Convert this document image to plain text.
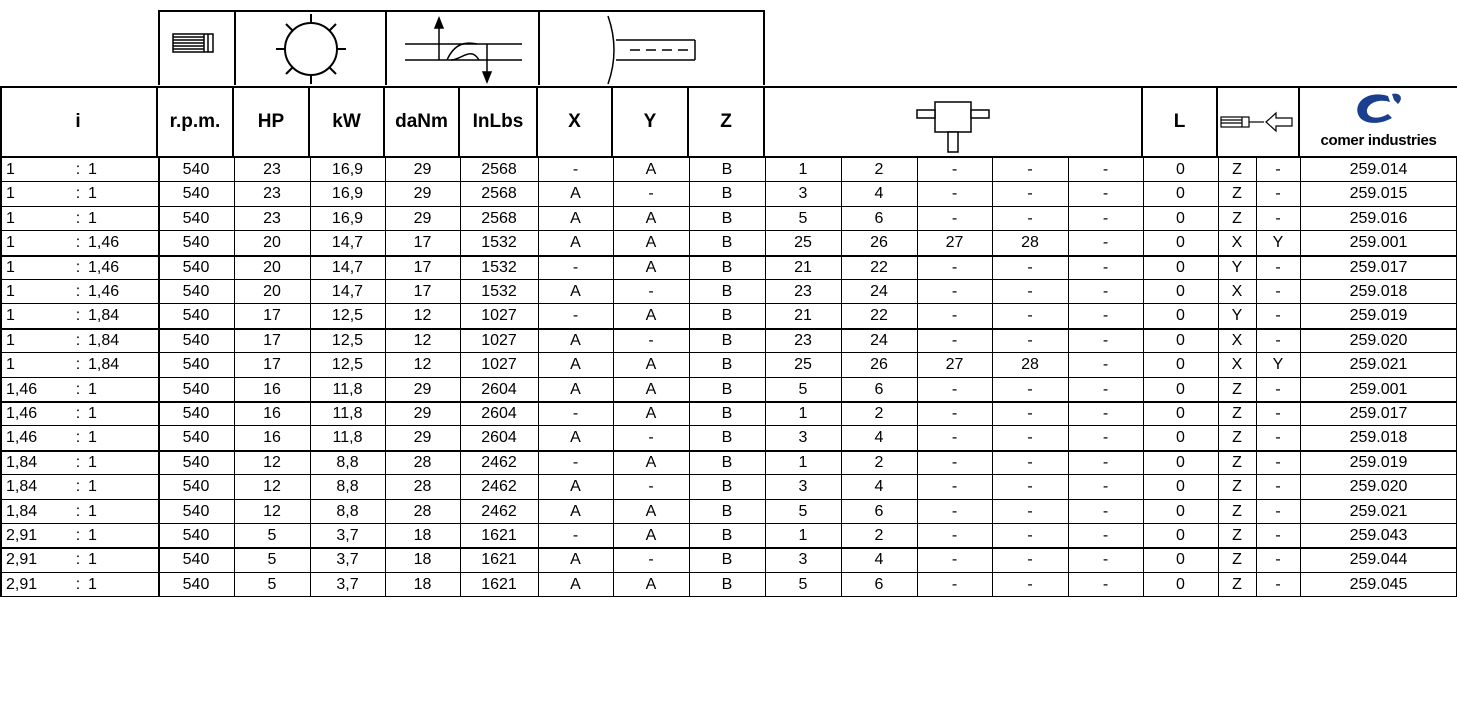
i	r.p.m.	HP	kW	daNm	InLbs	X	Y	Z	L
comer industries
1	: 1	540	23	16,9	29	2568	-	A	B	1	2	-	-	-	0	Z	-	259.014
1	: 1	540	23	16,9	29	2568	A	-	B	3	4	-	-	-	0	Z	-	259.015
1	: 1	540	23	16,9	29	2568	A	A	B	5	6	-	-	-	0	Z	-	259.016
1	: 1,46	540	20	14,7	17	1532	A	A	B	25	26	27	28	-	0	X	Y	259.001
1	: 1,46	540	20	14,7	17	1532	-	A	B	21	22	-	-	-	0	Y	-	259.017
1	: 1,46	540	20	14,7	17	1532	A	-	B	23	24	-	-	-	0	X	-	259.018
1	: 1,84	540	17	12,5	12	1027	-	A	B	21	22	-	-	-	0	Y	-	259.019
1	: 1,84	540	17	12,5	12	1027	A	-	B	23	24	-	-	-	0	X	-	259.020
1	: 1,84	540	17	12,5	12	1027	A	A	B	25	26	27	28	-	0	X	Y	259.021
1,46	: 1	540	16	11,8	29	2604	A	A	B	5	6	-	-	-	0	Z	-	259.001
1,46	: 1	540	16	11,8	29	2604	-	A	B	1	2	-	-	-	0	Z	-	259.017
1,46	: 1	540	16	11,8	29	2604	A	-	B	3	4	-	-	-	0	Z	-	259.018
1,84	: 1	540	12	8,8	28	2462	-	A	B	1	2	-	-	-	0	Z	-	259.019
1,84	: 1	540	12	8,8	28	2462	A	-	B	3	4	-	-	-	0	Z	-	259.020
1,84	: 1	540	12	8,8	28	2462	A	A	B	5	6	-	-	-	0	Z	-	259.021
2,91	: 1	540	5	3,7	18	1621	-	A	B	1	2	-	-	-	0	Z	-	259.043
2,91	: 1	540	5	3,7	18	1621	A	-	B	3	4	-	-	-	0	Z	-	259.044
2,91	: 1	540	5	3,7	18	1621	A	A	B	5	6	-	-	-	0	Z	-	259.045
